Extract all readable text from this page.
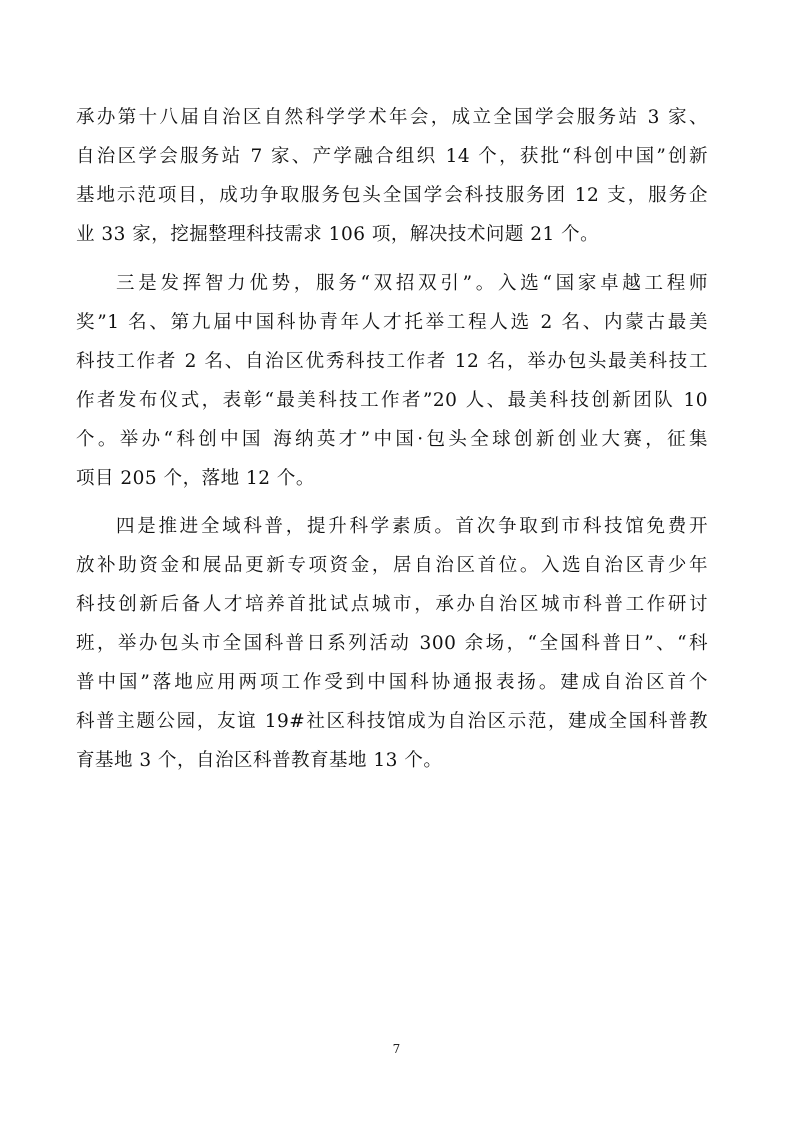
承办第十八届自治区自然科学学术年会，成立全国学会服务站 3 家、
自治区学会服务站 7 家、产学融合组织 14 个，获批“科创中国”创新
基地示范项目，成功争取服务包头全国学会科技服务团 12 支，服务企
业 33 家，挖掘整理科技需求 106 项，解决技术问题 21 个。
三是发挥智力优势，服务“双招双引”。入选“国家卓越工程师
奖”1 名、第九届中国科协青年人才托举工程人选 2 名、内蒙古最美
科技工作者 2 名、自治区优秀科技工作者 12 名，举办包头最美科技工
作者发布仪式，表彰“最美科技工作者”20 人、最美科技创新团队 10
个。举办“科创中国 海纳英才”中国·包头全球创新创业大赛，征集
项目 205 个，落地 12 个。
四是推进全域科普，提升科学素质。首次争取到市科技馆免费开
放补助资金和展品更新专项资金，居自治区首位。入选自治区青少年
科技创新后备人才培养首批试点城市，承办自治区城市科普工作研讨
班，举办包头市全国科普日系列活动 300 余场，“全国科普日”、“科
普中国”落地应用两项工作受到中国科协通报表扬。建成自治区首个
科普主题公园，友谊 19#社区科技馆成为自治区示范，建成全国科普教
育基地 3 个，自治区科普教育基地 13 个。
7
